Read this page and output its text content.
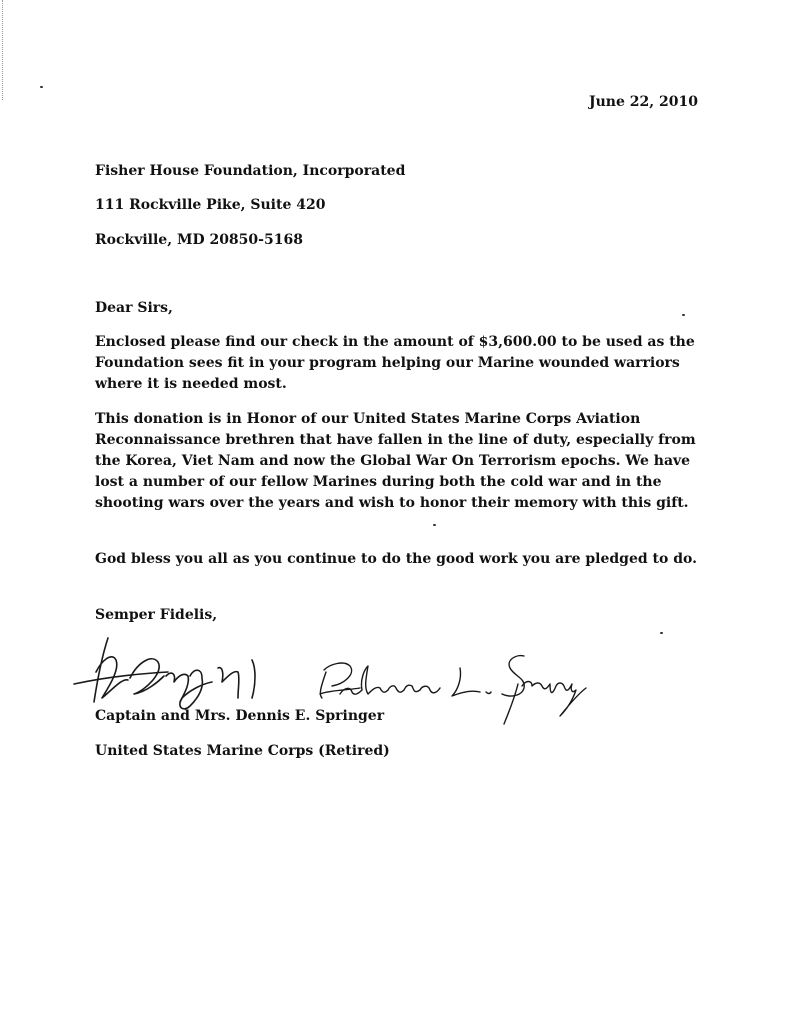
June 22, 2010
Fisher House Foundation, Incorporated
111 Rockville Pike, Suite 420
Rockville, MD 20850-5168
Dear Sirs,
Enclosed please find our check in the amount of $3,600.00 to be used as the Foundation sees fit in your program helping our Marine wounded warriors where it is needed most.
This donation is in Honor of our United States Marine Corps Aviation Reconnaissance brethren that have fallen in the line of duty, especially from the Korea, Viet Nam and now the Global War On Terrorism epochs. We have lost a number of our fellow Marines during both the cold war and in the shooting wars over the years and wish to honor their memory with this gift.
God bless you all as you continue to do the good work you are pledged to do.
Semper Fidelis,
Captain and Mrs. Dennis E. Springer
United States Marine Corps (Retired)
